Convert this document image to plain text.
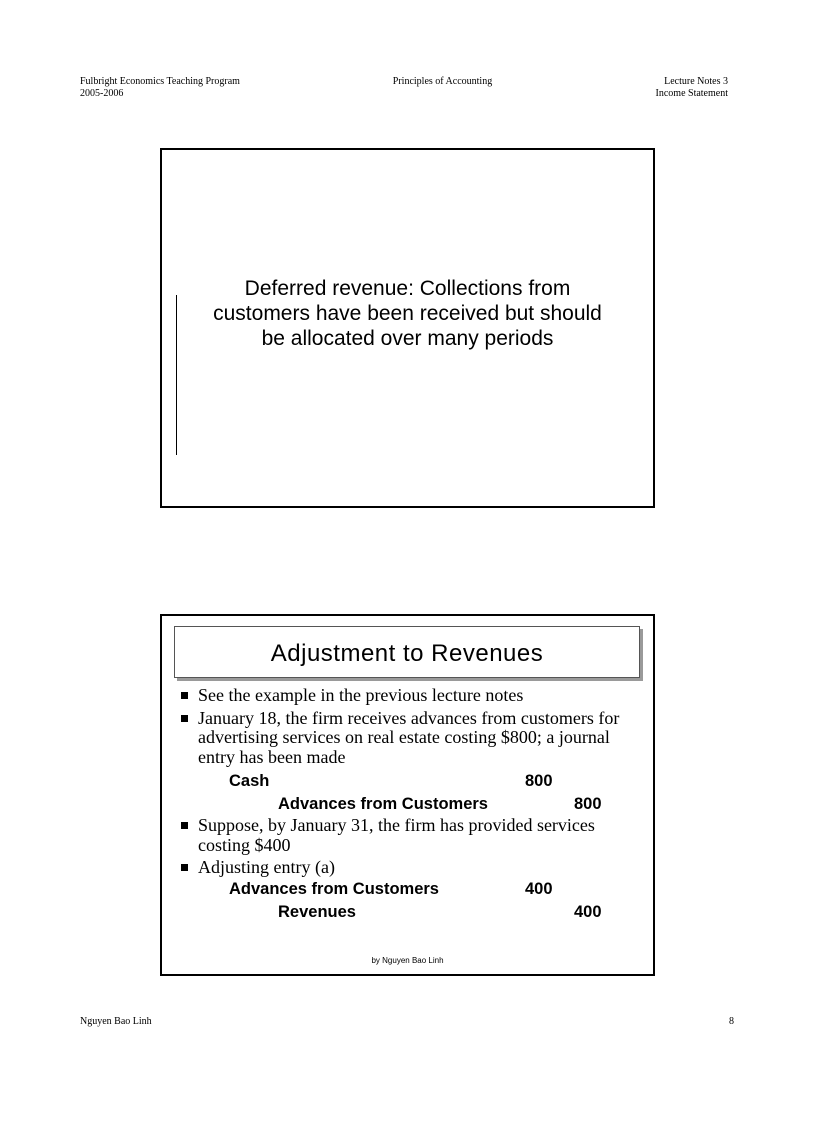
Fulbright Economics Teaching Program
2005-2006
Principles of Accounting	Lecture Notes 3
Income Statement
Deferred revenue: Collections from customers have been received but should be allocated over many periods
Adjustment to Revenues
See the example in the previous lecture notes
January 18, the firm receives advances from customers for advertising services on real estate costing $800; a journal entry has been made
Cash	800
Advances from Customers	800
Suppose, by January 31, the firm has provided services costing $400
Adjusting entry (a)
Advances from Customers	400
Revenues	400
by Nguyen Bao Linh
Nguyen Bao Linh	8
